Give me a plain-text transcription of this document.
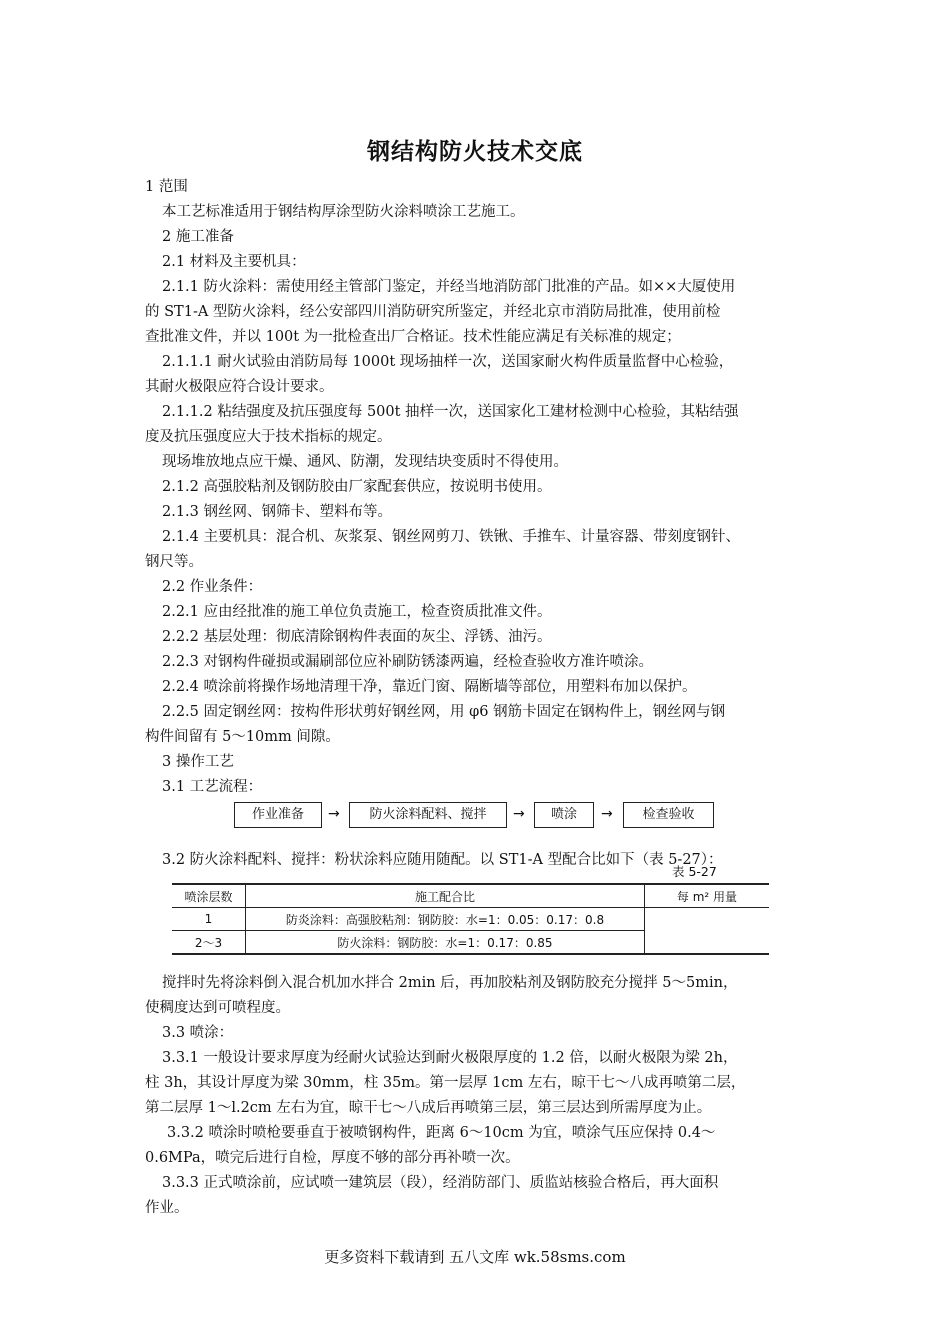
钢结构防火技术交底
1 范围
本工艺标准适用于钢结构厚涂型防火涂料喷涂工艺施工。
2 施工准备
2.1 材料及主要机具：
2.1.1 防火涂料：需使用经主管部门鉴定，并经当地消防部门批准的产品。如××大厦使用
的 ST1-A 型防火涂料，经公安部四川消防研究所鉴定，并经北京市消防局批准，使用前检
查批准文件，并以 100t 为一批检查出厂合格证。技术性能应满足有关标准的规定；
2.1.1.1 耐火试验由消防局每 1000t 现场抽样一次，送国家耐火构件质量监督中心检验，
其耐火极限应符合设计要求。
2.1.1.2 粘结强度及抗压强度每 500t 抽样一次，送国家化工建材检测中心检验，其粘结强
度及抗压强度应大于技术指标的规定。
现场堆放地点应干燥、通风、防潮，发现结块变质时不得使用。
2.1.2 高强胶粘剂及钢防胶由厂家配套供应，按说明书使用。
2.1.3 钢丝网、钢筛卡、塑料布等。
2.1.4 主要机具：混合机、灰浆泵、钢丝网剪刀、铁锹、手推车、计量容器、带刻度钢针、
钢尺等。
2.2 作业条件：
2.2.1 应由经批准的施工单位负责施工，检查资质批准文件。
2.2.2 基层处理：彻底清除钢构件表面的灰尘、浮锈、油污。
2.2.3 对钢构件碰损或漏刷部位应补刷防锈漆两遍，经检查验收方准许喷涂。
2.2.4 喷涂前将操作场地清理干净，靠近门窗、隔断墙等部位，用塑料布加以保护。
2.2.5 固定钢丝网：按构件形状剪好钢丝网，用 φ6 钢筋卡固定在钢构件上，钢丝网与钢
构件间留有 5～10mm 间隙。
3 操作工艺
3.1 工艺流程：
作业准备	→	防火涂料配料、搅拌	→	喷涂	→	检查验收
3.2 防火涂料配料、搅拌：粉状涂料应随用随配。以 ST1-A 型配合比如下（表 5-27）：
表 5-27
喷涂层数	施工配合比	每 m² 用量
1	防炎涂料：高强胶粘剂：钢防胶：水=1：0.05：0.17：0.8	
2～3	防火涂料：钢防胶：水=1：0.17：0.85	
搅拌时先将涂料倒入混合机加水拌合 2min 后，再加胶粘剂及钢防胶充分搅拌 5～5min，
使稠度达到可喷程度。
3.3 喷涂：
3.3.1 一般设计要求厚度为经耐火试验达到耐火极限厚度的 1.2 倍，以耐火极限为梁 2h，
柱 3h，其设计厚度为梁 30mm，柱 35m。第一层厚 1cm 左右，晾干七～八成再喷第二层，
第二层厚 1～l.2cm 左右为宜，晾干七～八成后再喷第三层，第三层达到所需厚度为止。
3.3.2 喷涂时喷枪要垂直于被喷钢构件，距离 6～10cm 为宜，喷涂气压应保持 0.4～
0.6MPa，喷完后进行自检，厚度不够的部分再补喷一次。
3.3.3 正式喷涂前，应试喷一建筑层（段），经消防部门、质监站核验合格后，再大面积
作业。
更多资料下载请到 五八文库 wk.58sms.com
